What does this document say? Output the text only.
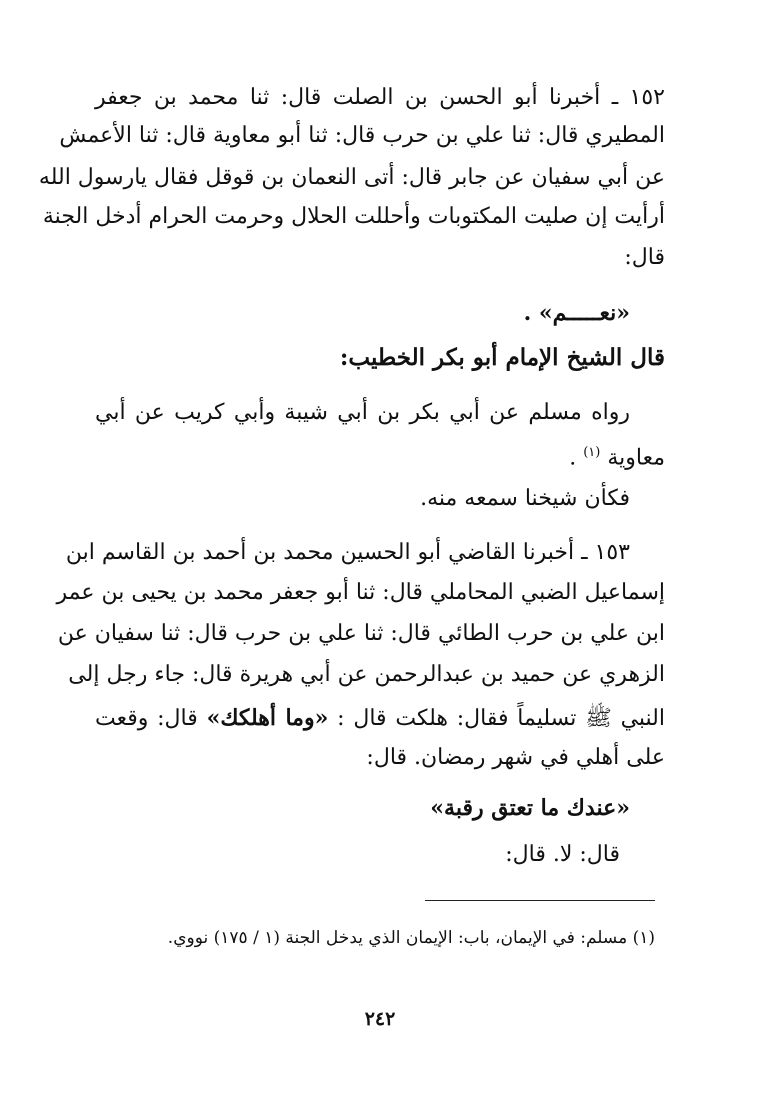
١٥٢ ـ أخبرنا أبو الحسن بن الصلت قال: ثنا محمد بن جعفر
المطيري قال: ثنا علي بن حرب قال: ثنا أبو معاوية قال: ثنا الأعمش
عن أبي سفيان عن جابر قال: أتى النعمان بن قوقل فقال يارسول الله
أرأيت إن صليت المكتوبات وأحللت الحلال وحرمت الحرام أدخل الجنة
قال:
«نعـــــم» .
قال الشيخ الإمام أبو بكر الخطيب:
رواه مسلم عن أبي بكر بن أبي شيبة وأبي كريب عن أبي
معاوية $^{(١)}$ .
فكأن شيخنا سمعه منه.
١٥٣ ـ أخبرنا القاضي أبو الحسين محمد بن أحمد بن القاسم ابن
إسماعيل الضبي المحاملي قال: ثنا أبو جعفر محمد بن يحيى بن عمر
ابن علي بن حرب الطائي قال: ثنا علي بن حرب قال: ثنا سفيان عن
الزهري عن حميد بن عبدالرحمن عن أبي هريرة قال: جاء رجل إلى
النبي ﷺ تسليماً فقال: هلكت قال : «وما أهلكك» قال: وقعت
على أهلي في شهر رمضان. قال:
«عندك ما تعتق رقبة»
قال: لا. قال:
(١) مسلم: في الإيمان، باب: الإيمان الذي يدخل الجنة (١ / ١٧٥) نووي.
٢٤٢
